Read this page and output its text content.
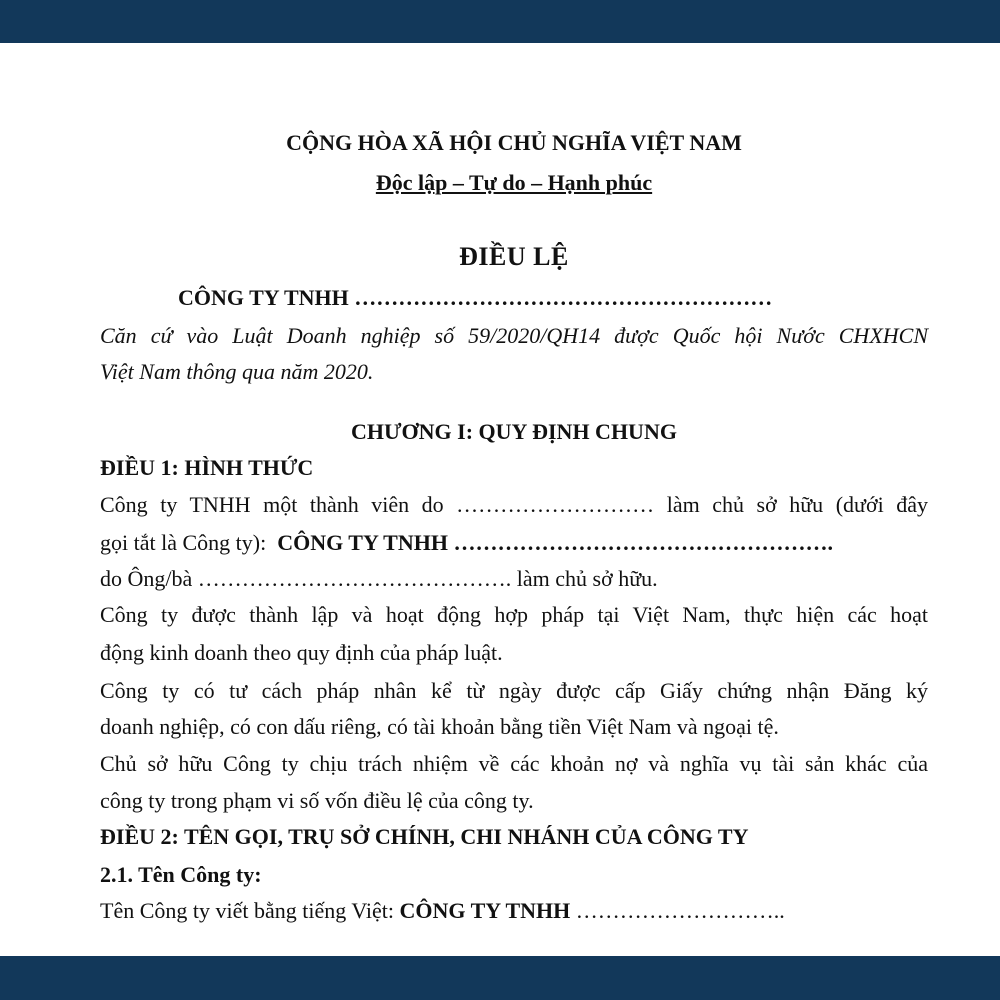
CỘNG HÒA XÃ HỘI CHỦ NGHĨA VIỆT NAM
Độc lập – Tự do – Hạnh phúc
ĐIỀU LỆ
CÔNG TY TNHH …………………………………………………
Căn cứ vào Luật Doanh nghiệp số 59/2020/QH14 được Quốc hội Nước CHXHCN
Việt Nam thông qua năm 2020.
CHƯƠNG I: QUY ĐỊNH CHUNG
ĐIỀU 1: HÌNH THỨC
Công ty TNHH một thành viên do ……………………… làm chủ sở hữu (dưới đây
gọi tắt là Công ty):  CÔNG TY TNHH …………………………………………….
do Ông/bà ……………………………………. làm chủ sở hữu.
Công ty được thành lập và hoạt động hợp pháp tại Việt Nam, thực hiện các hoạt
động kinh doanh theo quy định của pháp luật.
Công ty có tư cách pháp nhân kể từ ngày được cấp Giấy chứng nhận Đăng ký
doanh nghiệp, có con dấu riêng, có tài khoản bằng tiền Việt Nam và ngoại tệ.
Chủ sở hữu Công ty chịu trách nhiệm về các khoản nợ và nghĩa vụ tài sản khác của
công ty trong phạm vi số vốn điều lệ của công ty.
ĐIỀU 2: TÊN GỌI, TRỤ SỞ CHÍNH, CHI NHÁNH CỦA CÔNG TY
2.1. Tên Công ty:
Tên Công ty viết bằng tiếng Việt: CÔNG TY TNHH ………………………..
